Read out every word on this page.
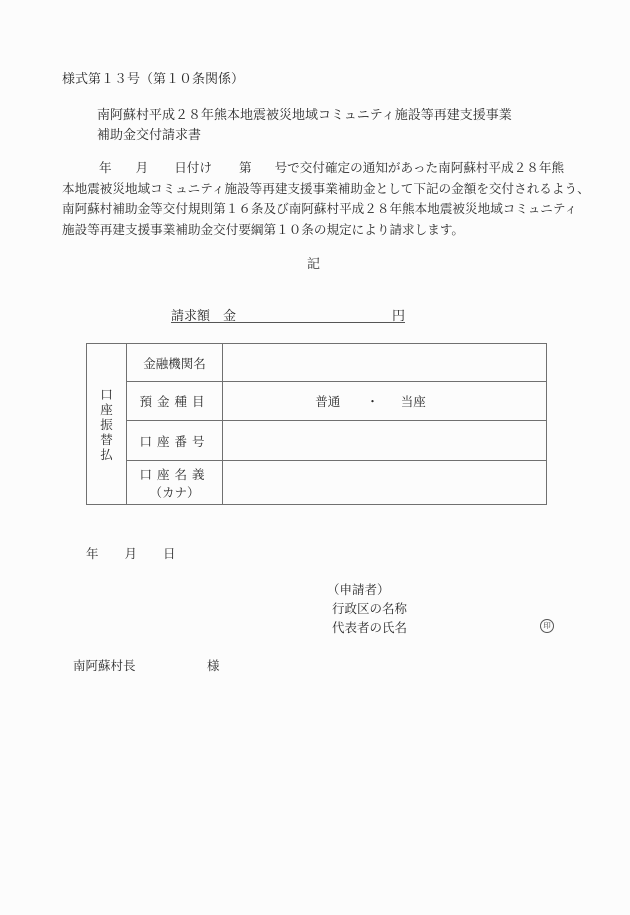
様式第１３号（第１０条関係）
南阿蘇村平成２８年熊本地震被災地域コミュニティ施設等再建支援事業
補助金交付請求書
年 月 日付け 第 号で交付確定の通知があった南阿蘇村平成２８年熊
本地震被災地域コミュニティ施設等再建支援事業補助金として下記の金額を交付されるよう、
南阿蘇村補助金等交付規則第１６条及び南阿蘇村平成２８年熊本地震被災地域コミュニティ
施設等再建支援事業補助金交付要綱第１０条の規定により請求します。
記
請求額 金	円
口座振替払	金融機関名	
	預金種目	普通 ・ 当座
	口座番号	
	口座名義
（カナ）	
年 月 日
（申請者）
行政区の名称
代表者の氏名	印
南阿蘇村長	様
